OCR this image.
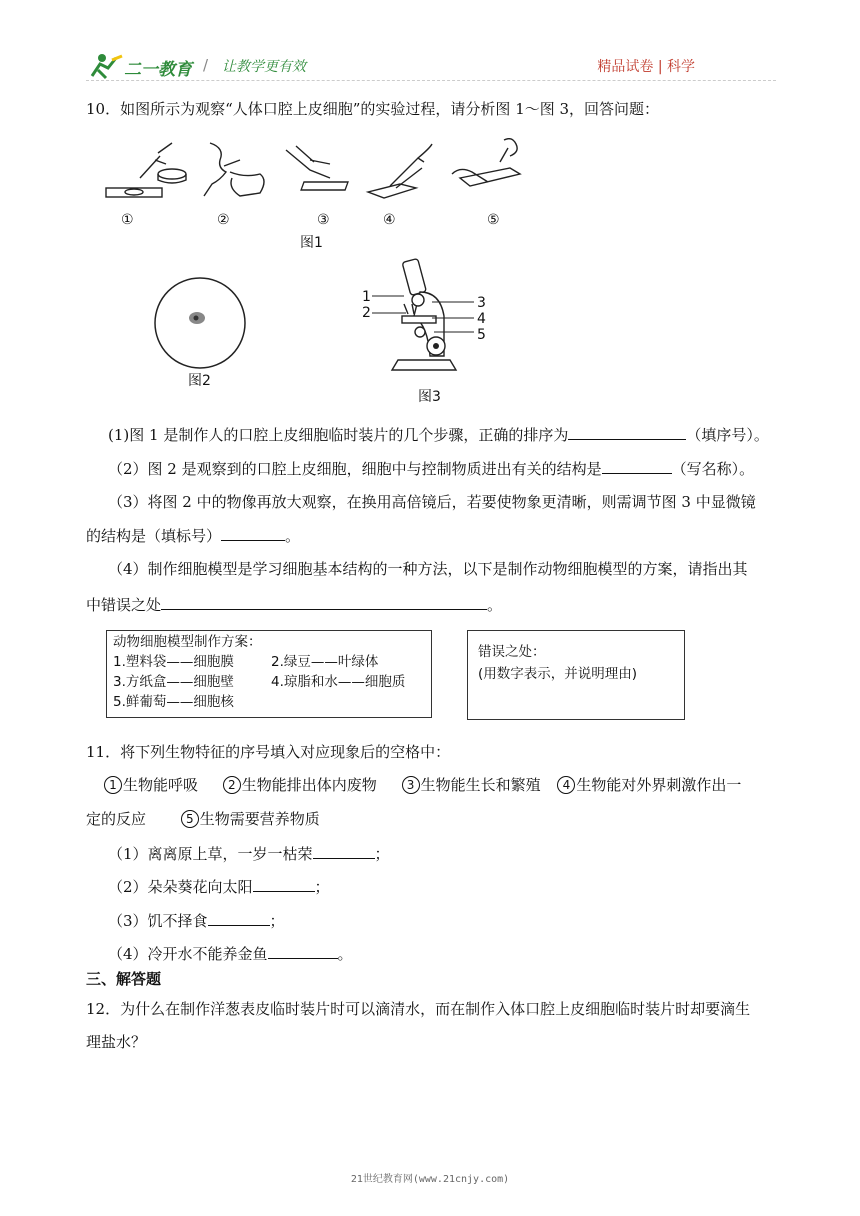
二一教育 / 让教学更有效	精品试卷 | 科学
10．如图所示为观察“人体口腔上皮细胞”的实验过程，请分析图 1～图 3，回答问题：
①	②	③	④	⑤
图1
图2
1
2
3
4
5
图3
(1)图 1 是制作人的口腔上皮细胞临时装片的几个步骤，正确的排序为	（填序号）。
（2）图 2 是观察到的口腔上皮细胞，细胞中与控制物质进出有关的结构是	（写名称）。
（3）将图 2 中的物像再放大观察，在换用高倍镜后，若要使物象更清晰，则需调节图 3 中显微镜
的结构是（填标号）	。
（4）制作细胞模型是学习细胞基本结构的一种方法，以下是制作动物细胞模型的方案，请指出其
中错误之处	。
动物细胞模型制作方案：
1.塑料袋——细胞膜	2.绿豆——叶绿体
3.方纸盒——细胞壁	4.琼脂和水——细胞质
5.鲜葡萄——细胞核
错误之处：
(用数字表示，并说明理由)
11．将下列生物特征的序号填入对应现象后的空格中：
1 生物能呼吸 2 生物能排出体内废物 3 生物能生长和繁殖 4 生物能对外界刺激作出一
定的反应	5 生物需要营养物质
（1）离离原上草，一岁一枯荣	；
（2）朵朵葵花向太阳	；
（3）饥不择食	；
（4）冷开水不能养金鱼	。
三、解答题
12．为什么在制作洋葱表皮临时装片时可以滴清水，而在制作入体口腔上皮细胞临时装片时却要滴生
理盐水？
21世纪教育网(www.21cnjy.com)
